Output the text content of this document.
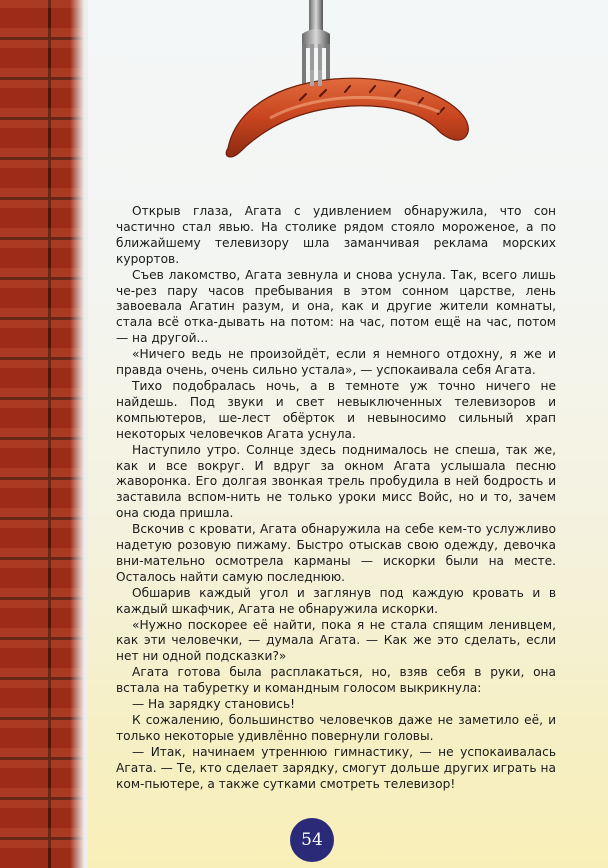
Открыв глаза, Агата с удивлением обнаружила, что сон частично стал явью. На столике рядом стояло мороженое, а по ближайшему телевизору шла заманчивая реклама морских курортов.

Съев лакомство, Агата зевнула и снова уснула. Так, всего лишь че-рез пару часов пребывания в этом сонном царстве, лень завоевала Агатин разум, и она, как и другие жители комнаты, стала всё отка-дывать на потом: на час, потом ещё на час, потом — на другой...

«Ничего ведь не произойдёт, если я немного отдохну, я же и правда очень, очень сильно устала», — успокаивала себя Агата.

Тихо подобралась ночь, а в темноте уж точно ничего не найдешь. Под звуки и свет невыключенных телевизоров и компьютеров, ше-лест обёрток и невыносимо сильный храп некоторых человечков Агата уснула.

Наступило утро. Солнце здесь поднималось не спеша, так же, как и все вокруг. И вдруг за окном Агата услышала песню жаворонка. Его долгая звонкая трель пробудила в ней бодрость и заставила вспом-нить не только уроки мисс Войс, но и то, зачем она сюда пришла.

Вскочив с кровати, Агата обнаружила на себе кем-то услужливо надетую розовую пижаму. Быстро отыскав свою одежду, девочка вни-мательно осмотрела карманы — искорки были на месте. Осталось найти самую последнюю.

Обшарив каждый угол и заглянув под каждую кровать и в каждый шкафчик, Агата не обнаружила искорки.

«Нужно поскорее её найти, пока я не стала спящим ленивцем, как эти человечки, — думала Агата. — Как же это сделать, если нет ни одной подсказки?»

Агата готова была расплакаться, но, взяв себя в руки, она встала на табуретку и командным голосом выкрикнула:

— На зарядку становись!

К сожалению, большинство человечков даже не заметило её, и только некоторые удивлённо повернули головы.

— Итак, начинаем утреннюю гимнастику, — не успокаивалась Агата. — Те, кто сделает зарядку, смогут дольше других играть на ком-пьютере, а также сутками смотреть телевизор!

54
